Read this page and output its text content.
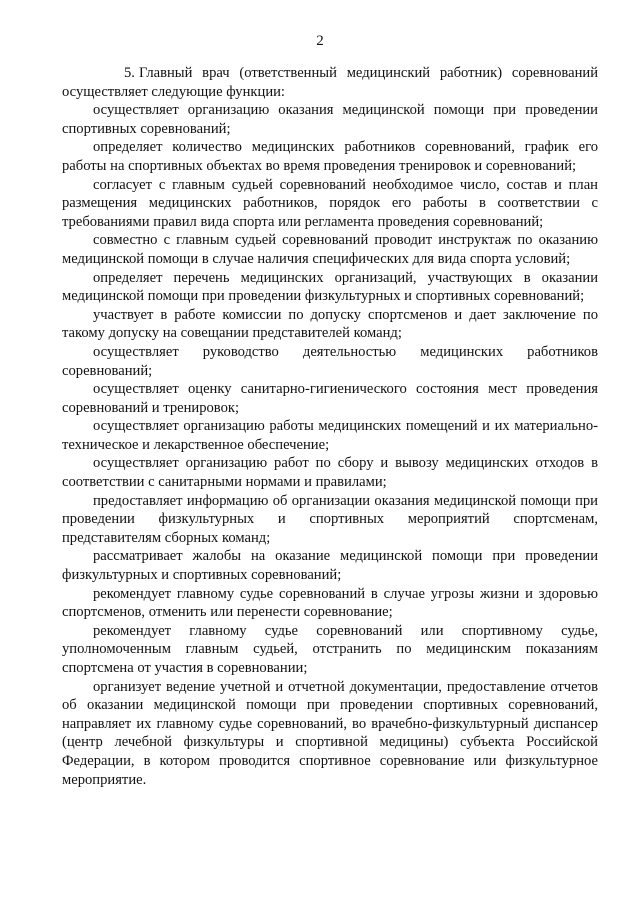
2

5. Главный врач (ответственный медицинский работник) соревнований осуществляет следующие функции:

осуществляет организацию оказания медицинской помощи при проведении спортивных соревнований;

определяет количество медицинских работников соревнований, график его работы на спортивных объектах во время проведения тренировок и соревнований;

согласует с главным судьей соревнований необходимое число, состав и план размещения медицинских работников, порядок его работы в соответствии с требованиями правил вида спорта или регламента проведения соревнований;

совместно с главным судьей соревнований проводит инструктаж по оказанию медицинской помощи в случае наличия специфических для вида спорта условий;

определяет перечень медицинских организаций, участвующих в оказании медицинской помощи при проведении физкультурных и спортивных соревнований;

участвует в работе комиссии по допуску спортсменов и дает заключение по такому допуску на совещании представителей команд;

осуществляет руководство деятельностью медицинских работников соревнований;

осуществляет оценку санитарно-гигиенического состояния мест проведения соревнований и тренировок;

осуществляет организацию работы медицинских помещений и их материально-техническое и лекарственное обеспечение;

осуществляет организацию работ по сбору и вывозу медицинских отходов в соответствии с санитарными нормами и правилами;

предоставляет информацию об организации оказания медицинской помощи при проведении физкультурных и спортивных мероприятий спортсменам, представителям сборных команд;

рассматривает жалобы на оказание медицинской помощи при проведении физкультурных и спортивных соревнований;

рекомендует главному судье соревнований в случае угрозы жизни и здоровью спортсменов, отменить или перенести соревнование;

рекомендует главному судье соревнований или спортивному судье, уполномоченным главным судьей, отстранить по медицинским показаниям спортсмена от участия в соревновании;

организует ведение учетной и отчетной документации, предоставление отчетов об оказании медицинской помощи при проведении спортивных соревнований, направляет их главному судье соревнований, во врачебно-физкультурный диспансер (центр лечебной физкультуры и спортивной медицины) субъекта Российской Федерации, в котором проводится спортивное соревнование или физкультурное мероприятие.
